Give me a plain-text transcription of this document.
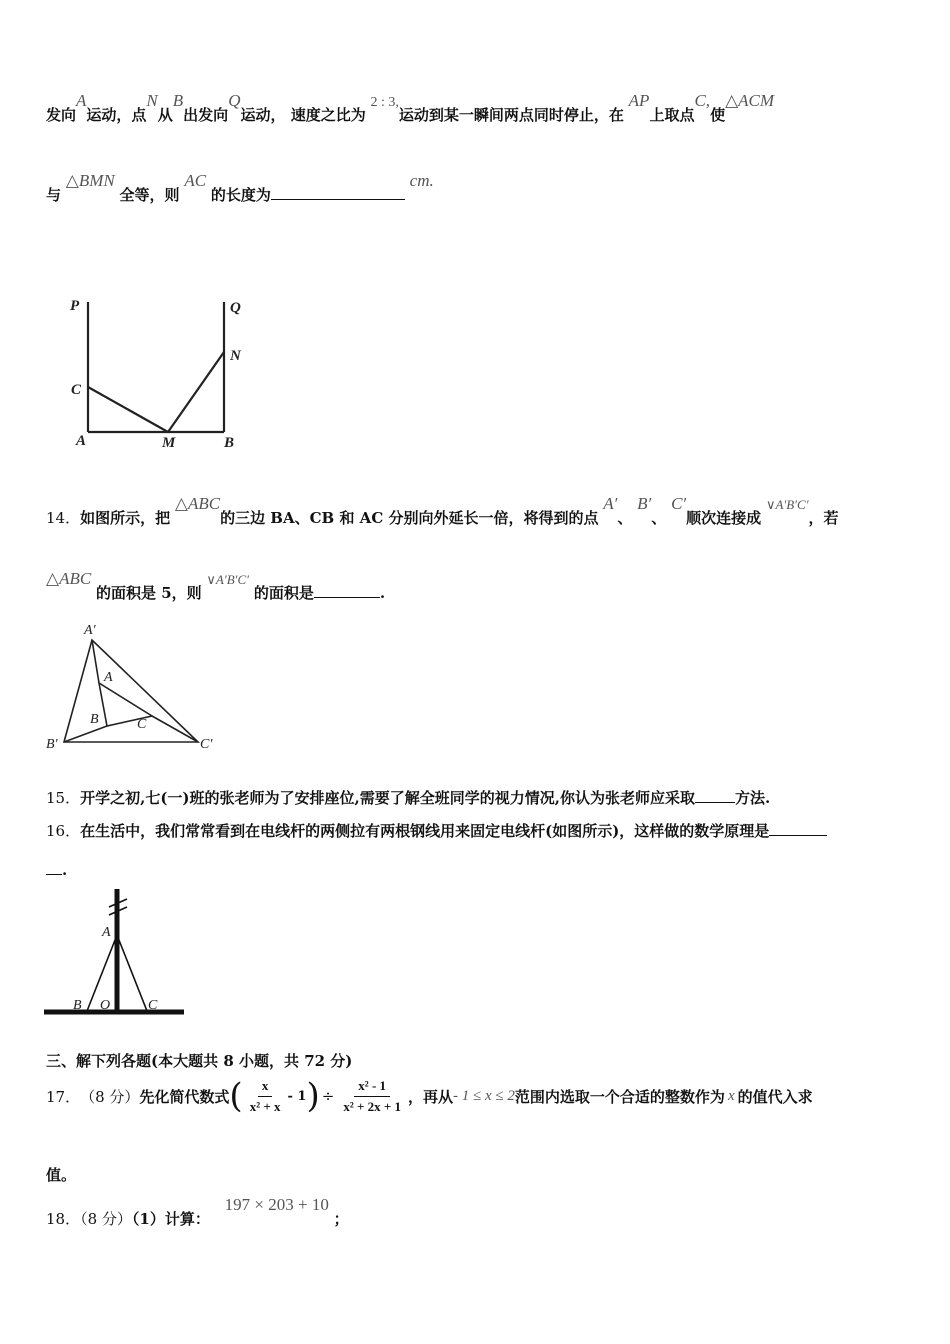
发向A运动，点N从B出发向Q运动， 速度之比为 2 : 3,运动到某一瞬间两点同时停止，在 AP上取点C,使△ACM
与 △BMN 全等，则 AC 的长度为 cm.
P	Q
N
C
A	M	B
14．如图所示，把 △ABC的三边 BA、CB 和 AC 分别向外延长一倍，将得到的点 A′、 B′、 C′顺次连接成 ∨A′B′C′，若
△ABC 的面积是 5，则 ∨A′B′C′ 的面积是	.
A′
A
B	C
B′	C′
15．开学之初,七(一)班的张老师为了安排座位,需要了解全班同学的视力情况,你认为张老师应采取	方法.
16．在生活中，我们常常看到在电线杆的两侧拉有两根钢线用来固定电线杆(如图所示)，这样做的数学原理是
.
A
B O	C
三、解下列各题(本大题共 8 小题，共 72 分)
17． （8 分） 先化简代数式 ( $\frac{x}{\text{x² + x}} - 1$ ) ÷ $\frac{\text{x² - 1}}{\text{x² + 2x + 1}}$ ，再从 - 1 ≤ x ≤ 2 范围内选取一个合适的整数作为 x 的值代入求
值。
18．（8 分）（1）计算： 197 × 203 + 10 ；
